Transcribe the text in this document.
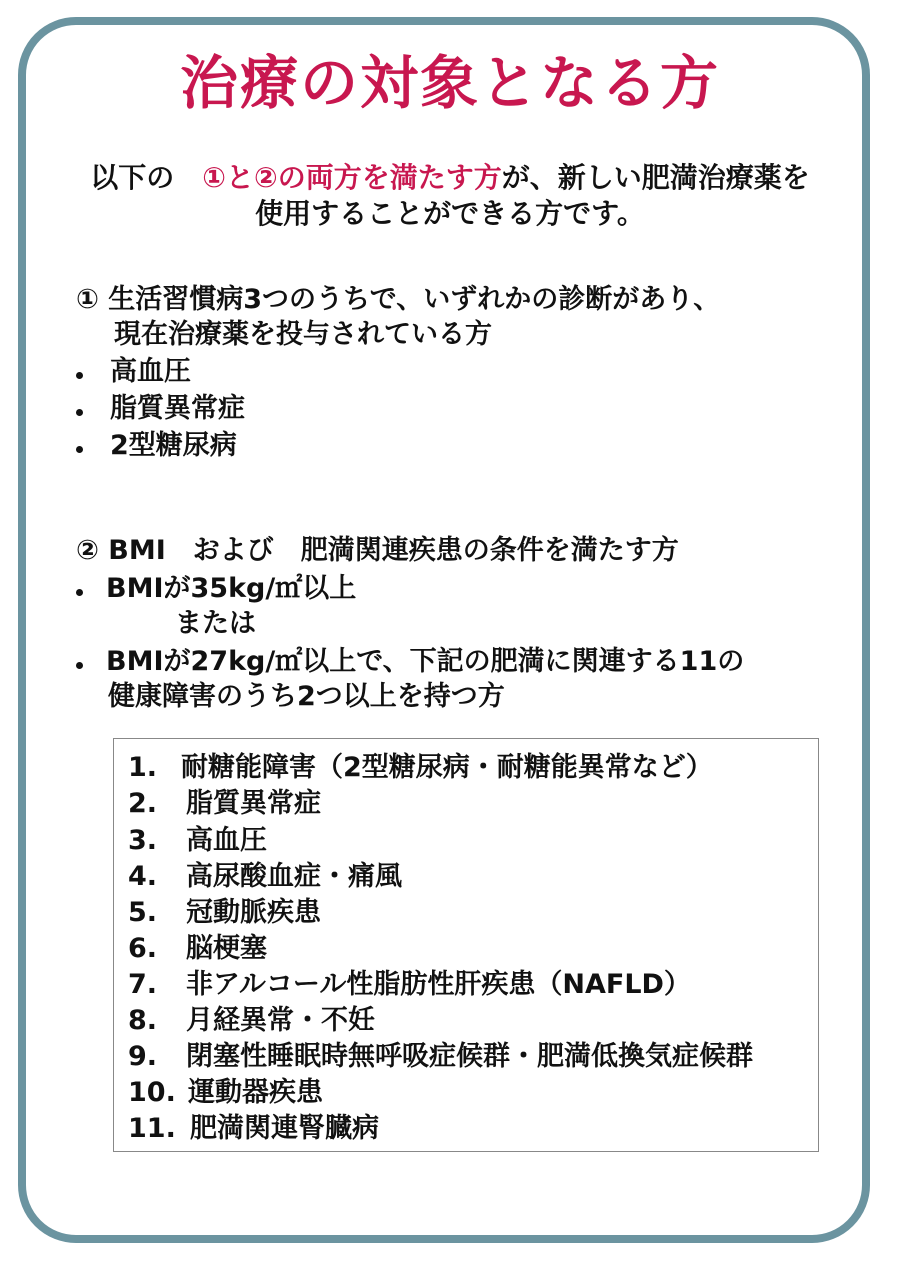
治療の対象となる方
以下の　①と②の両方を満たす方が、新しい肥満治療薬を
使用することができる方です。
① 生活習慣病3つのうちで、いずれかの診断があり、
現在治療薬を投与されている方
高血圧
脂質異常症
2型糖尿病
② BMI　および　肥満関連疾患の条件を満たす方
BMIが35kg/㎡以上
または
BMIが27kg/㎡以上で、下記の肥満に関連する11の
健康障害のうち2つ以上を持つ方
1. 耐糖能障害（2型糖尿病・耐糖能異常など）
2. 脂質異常症
3. 高血圧
4. 高尿酸血症・痛風
5. 冠動脈疾患
6. 脳梗塞
7. 非アルコール性脂肪性肝疾患（NAFLD）
8. 月経異常・不妊
9. 閉塞性睡眠時無呼吸症候群・肥満低換気症候群
10. 運動器疾患
11. 肥満関連腎臓病
